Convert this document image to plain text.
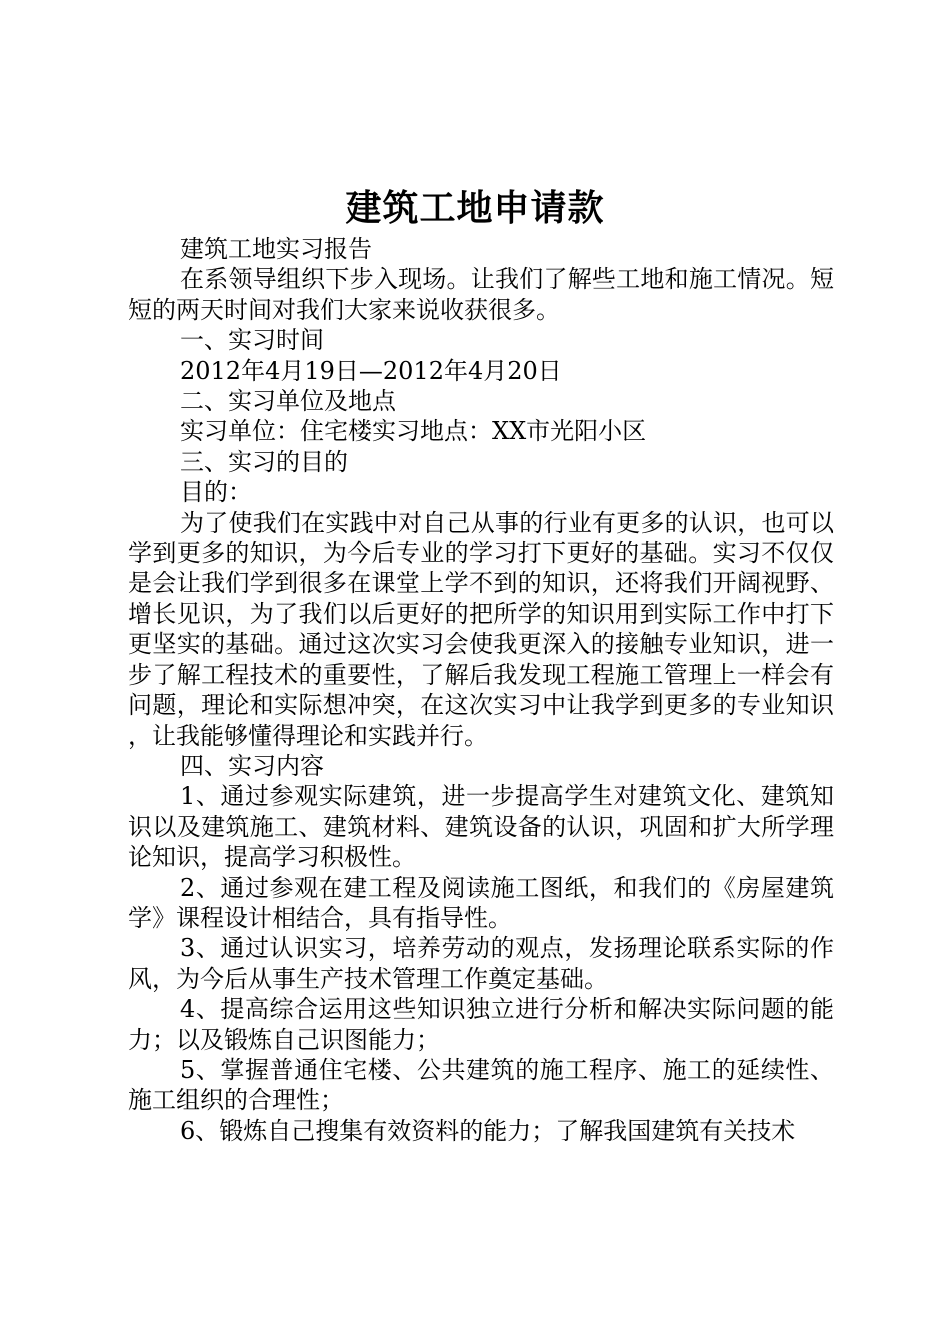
建筑工地申请款

建筑工地实习报告

在系领导组织下步入现场。让我们了解些工地和施工情况。短短的两天时间对我们大家来说收获很多。

一、实习时间

2012年4月19日—2012年4月20日

二、实习单位及地点

实习单位：住宅楼实习地点：XX市光阳小区

三、实习的目的

目的：

为了使我们在实践中对自己从事的行业有更多的认识，也可以学到更多的知识，为今后专业的学习打下更好的基础。实习不仅仅是会让我们学到很多在课堂上学不到的知识，还将我们开阔视野、增长见识，为了我们以后更好的把所学的知识用到实际工作中打下更坚实的基础。通过这次实习会使我更深入的接触专业知识，进一步了解工程技术的重要性，了解后我发现工程施工管理上一样会有问题，理论和实际想冲突，在这次实习中让我学到更多的专业知识，让我能够懂得理论和实践并行。

四、实习内容

1、通过参观实际建筑，进一步提高学生对建筑文化、建筑知识以及建筑施工、建筑材料、建筑设备的认识，巩固和扩大所学理论知识，提高学习积极性。

2、通过参观在建工程及阅读施工图纸，和我们的《房屋建筑学》课程设计相结合，具有指导性。

3、通过认识实习，培养劳动的观点，发扬理论联系实际的作风，为今后从事生产技术管理工作奠定基础。

4、提高综合运用这些知识独立进行分析和解决实际问题的能力；以及锻炼自己识图能力；

5、掌握普通住宅楼、公共建筑的施工程序、施工的延续性、施工组织的合理性；

6、锻炼自己搜集有效资料的能力；了解我国建筑有关技术
